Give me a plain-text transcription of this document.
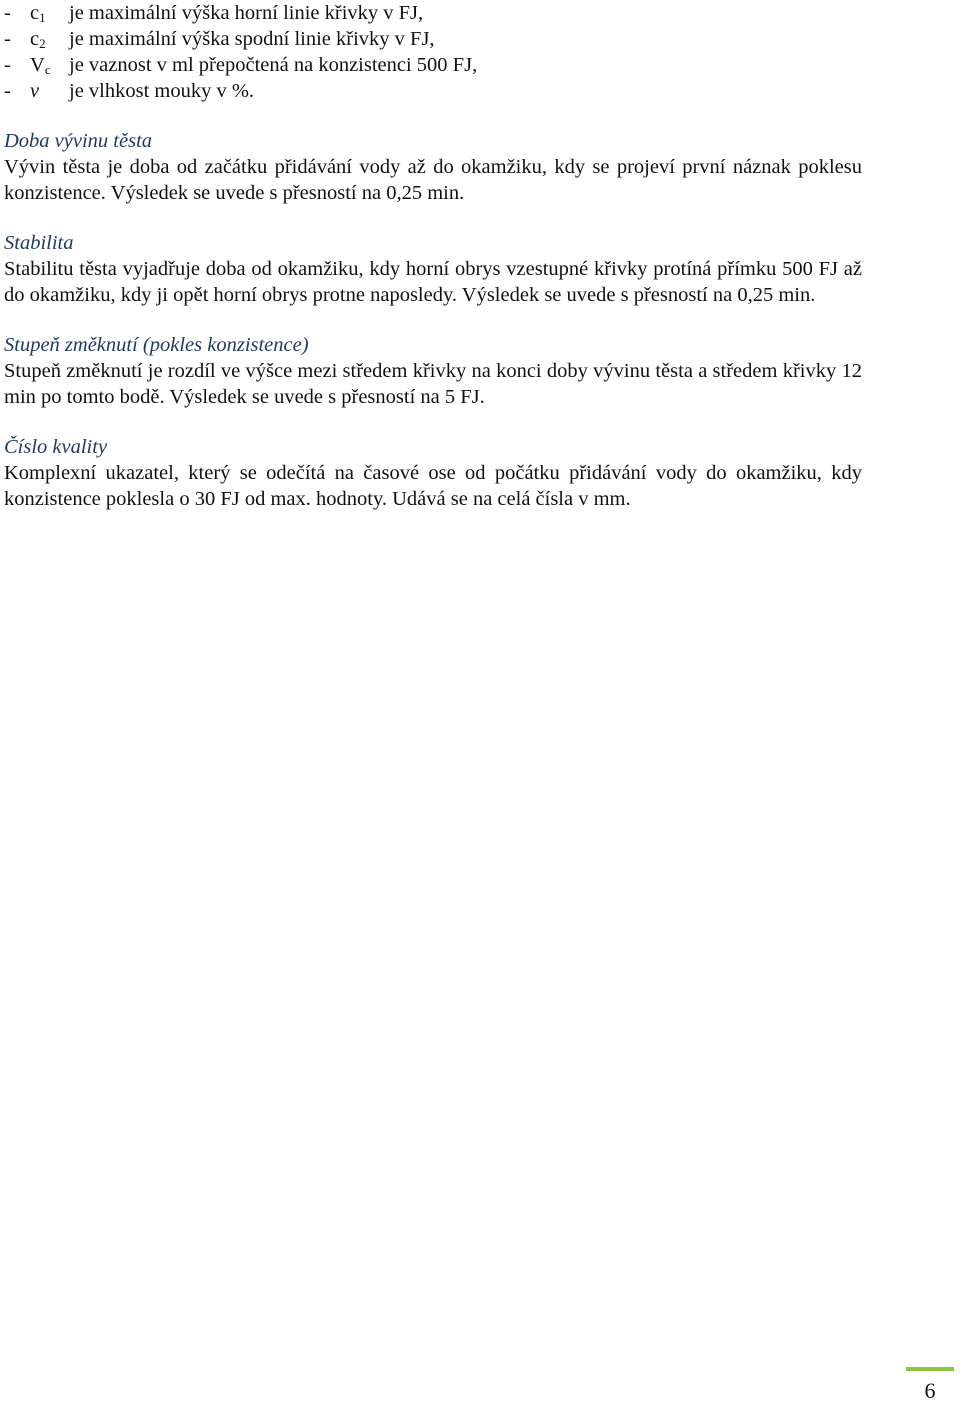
- $c_1$	je maximální výška horní linie křivky v FJ,
- $c_2$	je maximální výška spodní linie křivky v FJ,
- $V_c$ je vaznost v ml přepočtená na konzistenci 500 FJ,
- v	je vlhkost mouky v %.
Doba vývinu těsta

Vývin těsta je doba od začátku přidávání vody až do okamžiku, kdy se projeví první náznak poklesu konzistence. Výsledek se uvede s přesností na 0,25 min.

Stabilita

Stabilitu těsta vyjadřuje doba od okamžiku, kdy horní obrys vzestupné křivky protíná přímku 500 FJ až do okamžiku, kdy ji opět horní obrys protne naposledy. Výsledek se uvede s přesností na 0,25 min.

Stupeň změknutí (pokles konzistence)

Stupeň změknutí je rozdíl ve výšce mezi středem křivky na konci doby vývinu těsta a středem křivky 12 min po tomto bodě. Výsledek se uvede s přesností na 5 FJ.

Číslo kvality

Komplexní ukazatel, který se odečítá na časové ose od počátku přidávání vody do okamžiku, kdy konzistence poklesla o 30 FJ od max. hodnoty. Udává se na celá čísla v mm.

6
